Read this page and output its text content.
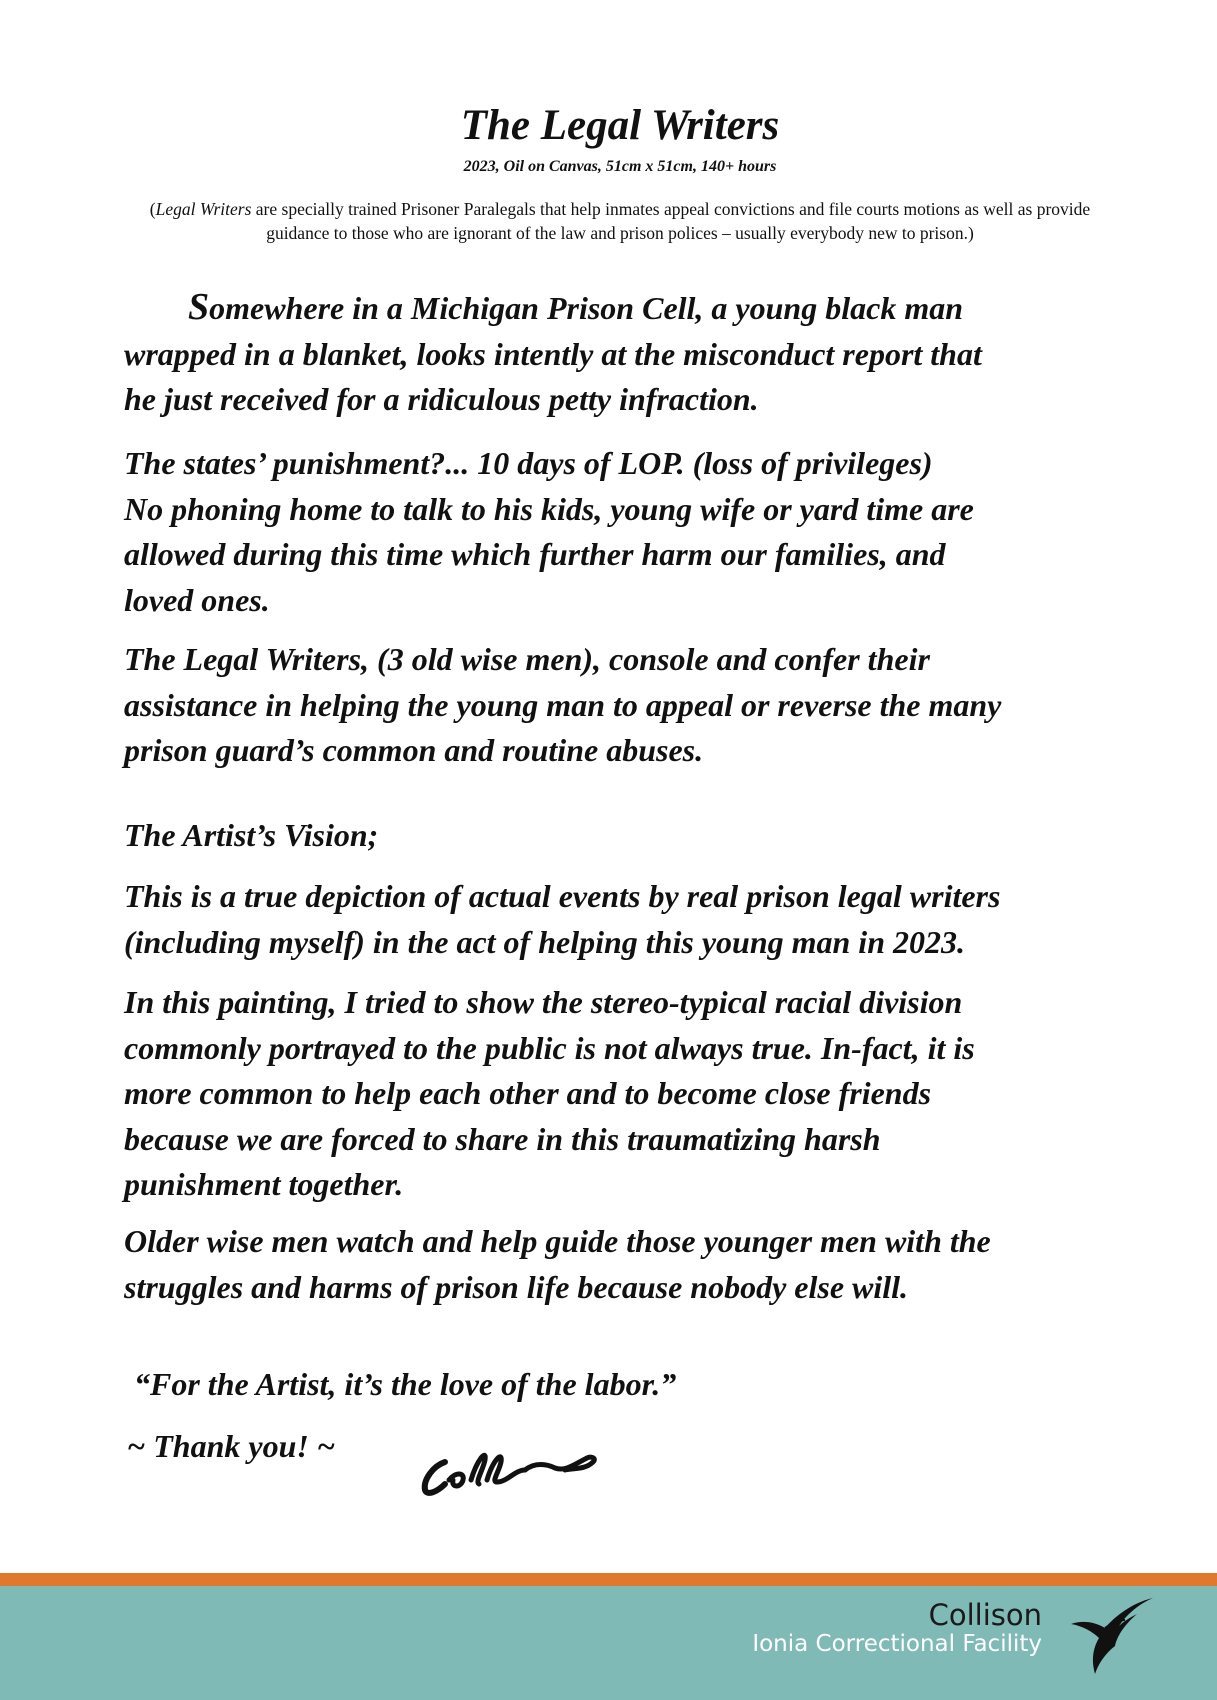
The Legal Writers
2023, Oil on Canvas, 51cm x 51cm, 140+ hours
(Legal Writers are specially trained Prisoner Paralegals that help inmates appeal convictions and file courts motions as well as provide guidance to those who are ignorant of the law and prison polices – usually everybody new to prison.)
Somewhere in a Michigan Prison Cell, a young black man
wrapped in a blanket, looks intently at the misconduct report that
he just received for a ridiculous petty infraction.
The states’ punishment?... 10 days of LOP. (loss of privileges)
No phoning home to talk to his kids, young wife or yard time are
allowed during this time which further harm our families, and
loved ones.
The Legal Writers, (3 old wise men), console and confer their
assistance in helping the young man to appeal or reverse the many
prison guard’s common and routine abuses.
The Artist’s Vision;
This is a true depiction of actual events by real prison legal writers
(including myself) in the act of helping this young man in 2023.
In this painting, I tried to show the stereo-typical racial division
commonly portrayed to the public is not always true. In-fact, it is
more common to help each other and to become close friends
because we are forced to share in this traumatizing harsh
punishment together.
Older wise men watch and help guide those younger men with the
struggles and harms of prison life because nobody else will.
“For the Artist, it’s the love of the labor.”
~ Thank you! ~
Collison
Ionia Correctional Facility
